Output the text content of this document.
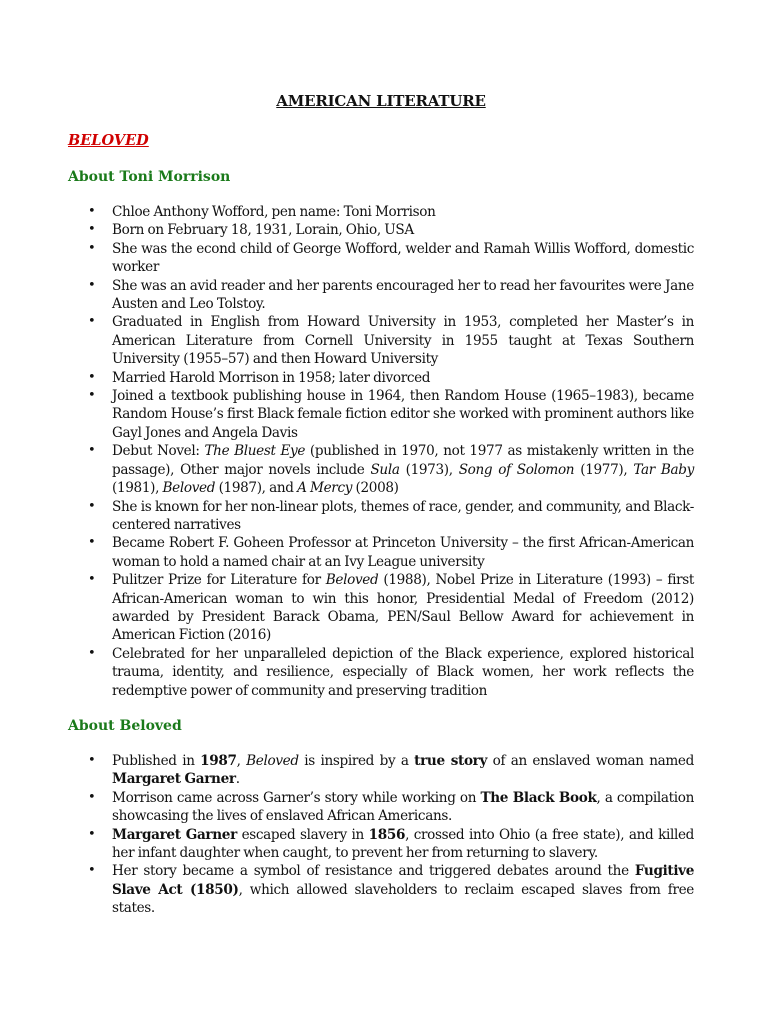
AMERICAN LITERATURE
BELOVED
About Toni Morrison
• Chloe Anthony Wofford, pen name: Toni Morrison
• Born on February 18, 1931, Lorain, Ohio, USA
• She was the econd child of George Wofford, welder and Ramah Willis Wofford, domestic worker
• She was an avid reader and her parents encouraged her to read her favourites were Jane Austen and Leo Tolstoy.
• Graduated in English from Howard University in 1953, completed her Master’s in American Literature from Cornell University in 1955 taught at Texas Southern University (1955–57) and then Howard University
• Married Harold Morrison in 1958; later divorced
• Joined a textbook publishing house in 1964, then Random House (1965–1983), became Random House’s first Black female fiction editor she worked with prominent authors like Gayl Jones and Angela Davis
• Debut Novel: The Bluest Eye (published in 1970, not 1977 as mistakenly written in the passage), Other major novels include Sula (1973), Song of Solomon (1977), Tar Baby (1981), Beloved (1987), and A Mercy (2008)
• She is known for her non-linear plots, themes of race, gender, and community, and Black-centered narratives
• Became Robert F. Goheen Professor at Princeton University – the first African-American woman to hold a named chair at an Ivy League university
• Pulitzer Prize for Literature for Beloved (1988), Nobel Prize in Literature (1993) – first African-American woman to win this honor, Presidential Medal of Freedom (2012) awarded by President Barack Obama, PEN/Saul Bellow Award for achievement in American Fiction (2016)
• Celebrated for her unparalleled depiction of the Black experience, explored historical trauma, identity, and resilience, especially of Black women, her work reflects the redemptive power of community and preserving tradition
About Beloved
• Published in 1987, Beloved is inspired by a true story of an enslaved woman named Margaret Garner.
• Morrison came across Garner’s story while working on The Black Book, a compilation showcasing the lives of enslaved African Americans.
• Margaret Garner escaped slavery in 1856, crossed into Ohio (a free state), and killed her infant daughter when caught, to prevent her from returning to slavery.
• Her story became a symbol of resistance and triggered debates around the Fugitive Slave Act (1850), which allowed slaveholders to reclaim escaped slaves from free states.
